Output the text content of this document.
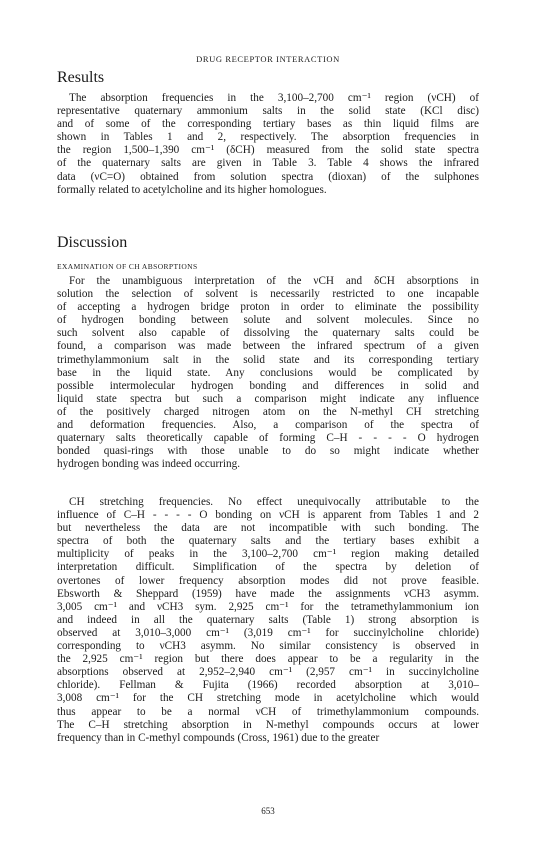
DRUG RECEPTOR INTERACTION
Results
The absorption frequencies in the 3,100–2,700 cm⁻¹ region (νCH) of
representative quaternary ammonium salts in the solid state (KCl disc)
and of some of the corresponding tertiary bases as thin liquid films are
shown in Tables 1 and 2, respectively. The absorption frequencies in
the region 1,500–1,390 cm⁻¹ (δCH) measured from the solid state spectra
of the quaternary salts are given in Table 3. Table 4 shows the infrared
data (νC=O) obtained from solution spectra (dioxan) of the sulphones
formally related to acetylcholine and its higher homologues.
Discussion
EXAMINATION OF CH ABSORPTIONS
For the unambiguous interpretation of the νCH and δCH absorptions in
solution the selection of solvent is necessarily restricted to one incapable
of accepting a hydrogen bridge proton in order to eliminate the possibility
of hydrogen bonding between solute and solvent molecules. Since no
such solvent also capable of dissolving the quaternary salts could be
found, a comparison was made between the infrared spectrum of a given
trimethylammonium salt in the solid state and its corresponding tertiary
base in the liquid state. Any conclusions would be complicated by
possible intermolecular hydrogen bonding and differences in solid and
liquid state spectra but such a comparison might indicate any influence
of the positively charged nitrogen atom on the N-methyl CH stretching
and deformation frequencies. Also, a comparison of the spectra of
quaternary salts theoretically capable of forming C–H - - - - O hydrogen
bonded quasi-rings with those unable to do so might indicate whether
hydrogen bonding was indeed occurring.
CH stretching frequencies. No effect unequivocally attributable to the
influence of C–H - - - - O bonding on νCH is apparent from Tables 1 and 2
but nevertheless the data are not incompatible with such bonding. The
spectra of both the quaternary salts and the tertiary bases exhibit a
multiplicity of peaks in the 3,100–2,700 cm⁻¹ region making detailed
interpretation difficult. Simplification of the spectra by deletion of
overtones of lower frequency absorption modes did not prove feasible.
Ebsworth & Sheppard (1959) have made the assignments νCH3 asymm.
3,005 cm⁻¹ and νCH3 sym. 2,925 cm⁻¹ for the tetramethylammonium ion
and indeed in all the quaternary salts (Table 1) strong absorption is
observed at 3,010–3,000 cm⁻¹ (3,019 cm⁻¹ for succinylcholine chloride)
corresponding to νCH3 asymm. No similar consistency is observed in
the 2,925 cm⁻¹ region but there does appear to be a regularity in the
absorptions observed at 2,952–2,940 cm⁻¹ (2,957 cm⁻¹ in succinylcholine
chloride). Fellman & Fujita (1966) recorded absorption at 3,010–
3,008 cm⁻¹ for the CH stretching mode in acetylcholine which would
thus appear to be a normal νCH of trimethylammonium compounds.
The C–H stretching absorption in N-methyl compounds occurs at lower
frequency than in C-methyl compounds (Cross, 1961) due to the greater
653
